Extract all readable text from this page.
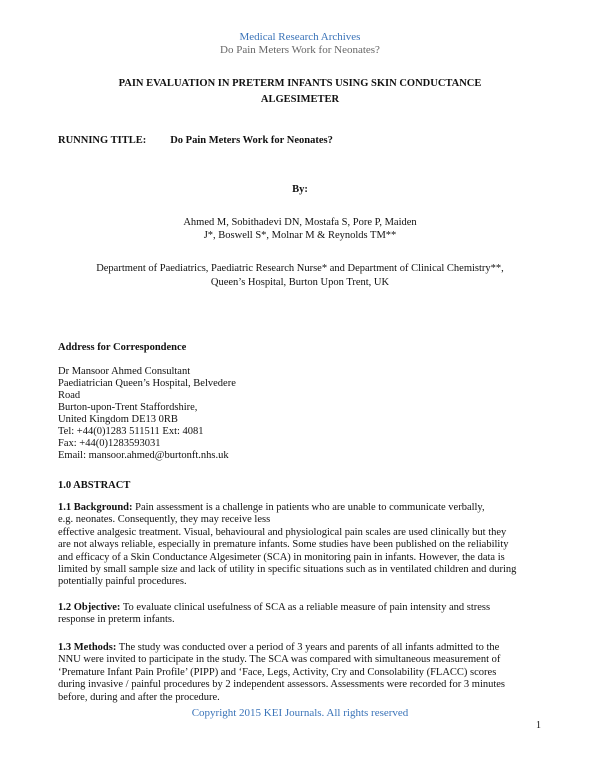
Medical Research Archives
Do Pain Meters Work for Neonates?
PAIN EVALUATION IN PRETERM INFANTS USING SKIN CONDUCTANCE
ALGESIMETER
RUNNING TITLE: Do Pain Meters Work for Neonates?
By:
Ahmed M, Sobithadevi DN, Mostafa S, Pore P, Maiden
J*, Boswell S*, Molnar M & Reynolds TM**
Department of Paediatrics, Paediatric Research Nurse* and Department of Clinical Chemistry**,
Queen’s Hospital, Burton Upon Trent, UK
Address for Correspondence
Dr Mansoor Ahmed Consultant
Paediatrician Queen’s Hospital, Belvedere
Road
Burton-upon-Trent Staffordshire,
United Kingdom DE13 0RB
Tel: +44(0)1283 511511 Ext: 4081
Fax: +44(0)1283593031
Email: mansoor.ahmed@burtonft.nhs.uk
1.0 ABSTRACT
1.1 Background: Pain assessment is a challenge in patients who are unable to communicate verbally,
e.g. neonates. Consequently, they may receive less
effective analgesic treatment. Visual, behavioural and physiological pain scales are used clinically but they
are not always reliable, especially in premature infants. Some studies have been published on the reliability
and efficacy of a Skin Conductance Algesimeter (SCA) in monitoring pain in infants. However, the data is
limited by small sample size and lack of utility in specific situations such as in ventilated children and during
potentially painful procedures.
1.2 Objective: To evaluate clinical usefulness of SCA as a reliable measure of pain intensity and stress
response in preterm infants.
1.3 Methods: The study was conducted over a period of 3 years and parents of all infants admitted to the
NNU were invited to participate in the study. The SCA was compared with simultaneous measurement of
‘Premature Infant Pain Profile’ (PIPP) and ‘Face, Legs, Activity, Cry and Consolability (FLACC) scores
during invasive / painful procedures by 2 independent assessors. Assessments were recorded for 3 minutes
before, during and after the procedure.
Copyright 2015 KEI Journals. All rights reserved
1
